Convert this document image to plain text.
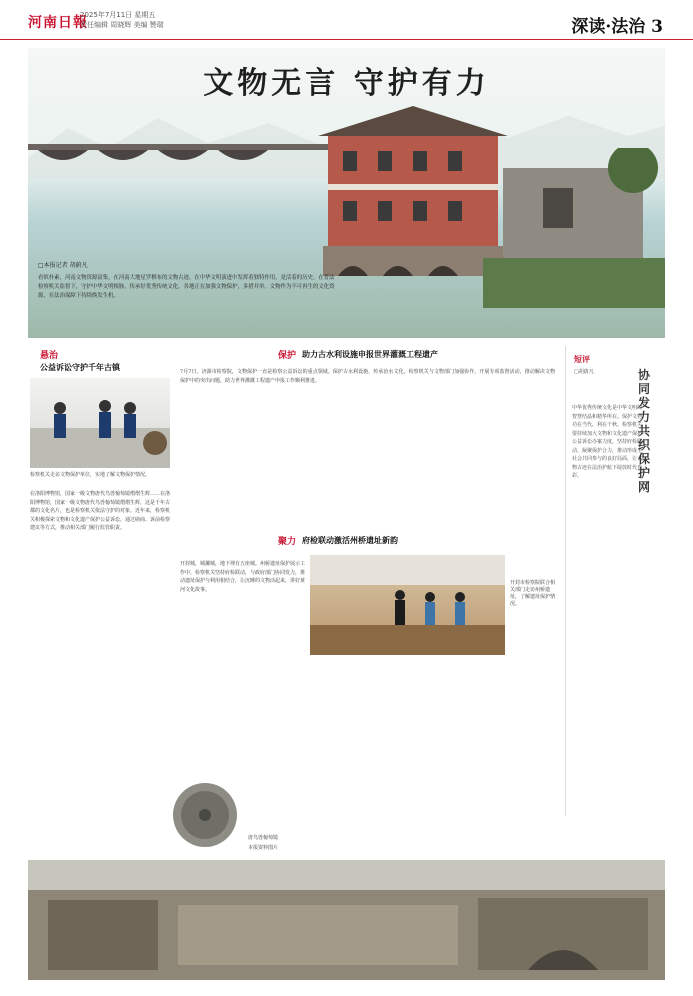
河南日報
2025年7月11日 星期五
责任编辑 周晓辉 美编 赞瑞	深读·法治 3
文物无言 守护有力
□本报记者 胡蔚凡
看似朴素，河南文物资源富集，在河南大地星罗棋布的文物古迹，在中华文明演进中发挥着独特作用，是活着的历史。在普法检察机关监督下，守护中华文明根脉，传承好优秀传统文化，各地正在加强文物保护，多措并举。文物作为不可再生的文化资源，在法治保障下持续焕发生机。
悬治
公益诉讼守护千年古镇
检察机关走访文物保护单位，实地了解文物保护情况。
在洛阳博物馆，国家一级文物唐代鸟兽葡萄镜熠熠生辉……在洛阳博物馆，国家一级文物唐代鸟兽葡萄镜熠熠生辉，这是千年古都的文化名片，也是检察机关依法守护的对象。近年来，检察机关积极探索文物和文化遗产保护公益诉讼，通过磋商、诉前检察建议等方式，推动相关部门履行监管职责。
保护 助力古水利设施申报世界灌溉工程遗产
7月7日，济源市检察院，文物保护一直是检察公益诉讼的重点领域。保护古水利设施，传承治水文化。检察机关与文物部门加强协作，开展专项监督活动，推动解决文物保护中的突出问题，助力世界灌溉工程遗产申报工作顺利推进。
聚力 府检联动激活州桥遗址新韵
开封市检察院联合相关部门走访州桥遗址，了解遗址保护情况。
开封城，城摞城，地下埋有五座城。州桥遗址保护展示工作中，检察机关坚持府检联动，与政府部门协同发力，推动遗址保护与利用相结合，让沉睡的文物活起来，讲好黄河文化故事。
唐鸟兽葡萄镜
本报资料图片
短评
□胡蔚凡	协同发力共织保护网
中华优秀传统文化是中华文明的智慧结晶和精华所在。保护文物功在当代、利在千秋。检察机关要持续加大文物和文化遗产保护公益诉讼办案力度，坚持府检联动，凝聚保护合力，推动形成全社会共同参与的良好局面，让文物古迹在法治护航下绽放时代光彩。
